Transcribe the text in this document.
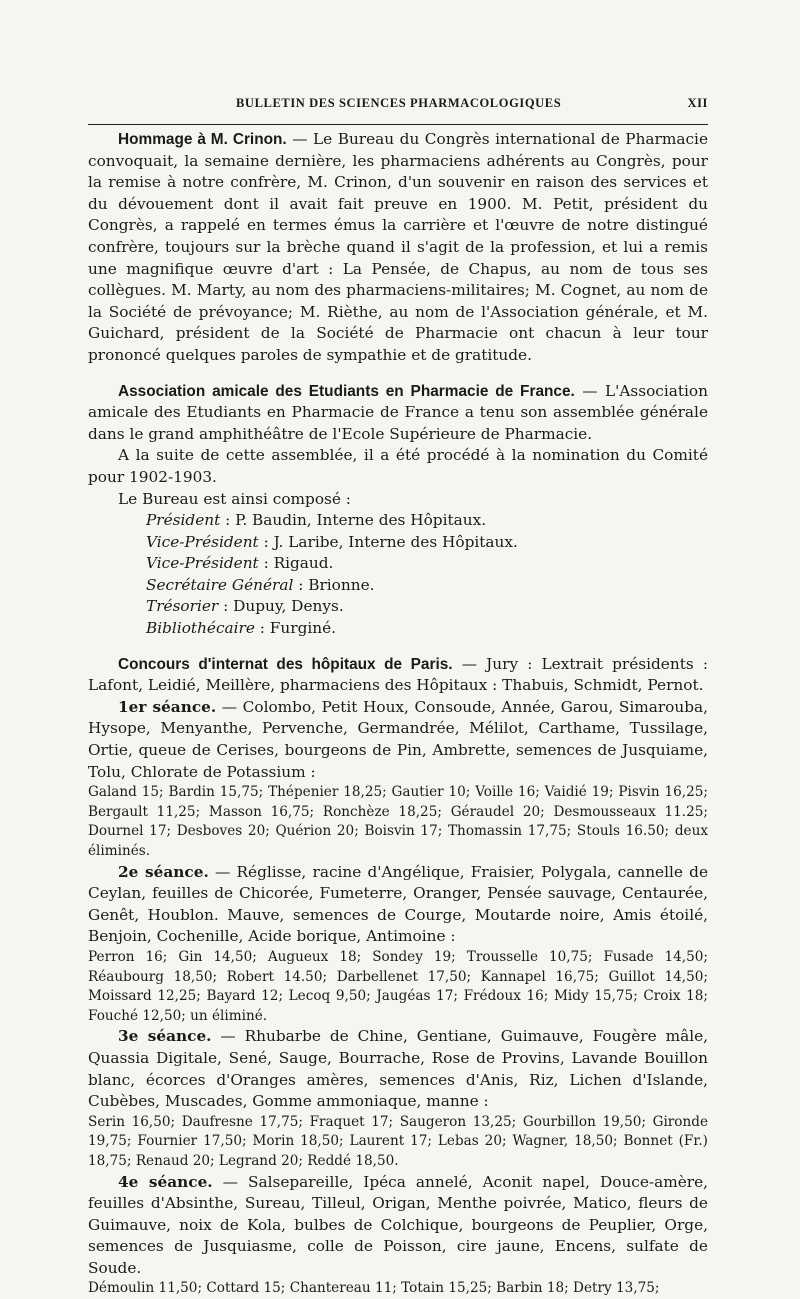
BULLETIN DES SCIENCES PHARMACOLOGIQUES	XII

Hommage à M. Crinon. — Le Bureau du Congrès international de Pharmacie convoquait, la semaine dernière, les pharmaciens adhérents au Congrès, pour la remise à notre confrère, M. Crinon, d'un souvenir en raison des services et du dévouement dont il avait fait preuve en 1900. M. Petit, président du Congrès, a rappelé en termes émus la carrière et l'œuvre de notre distingué confrère, toujours sur la brèche quand il s'agit de la profession, et lui a remis une magnifique œuvre d'art : La Pensée, de Chapus, au nom de tous ses collègues. M. Marty, au nom des pharmaciens-militaires; M. Cognet, au nom de la Société de prévoyance; M. Rièthe, au nom de l'Association générale, et M. Guichard, président de la Société de Pharmacie ont chacun à leur tour prononcé quelques paroles de sympathie et de gratitude.

Association amicale des Etudiants en Pharmacie de France. — L'Association amicale des Etudiants en Pharmacie de France a tenu son assemblée générale dans le grand amphithéâtre de l'Ecole Supérieure de Pharmacie.

A la suite de cette assemblée, il a été procédé à la nomination du Comité pour 1902-1903.

Le Bureau est ainsi composé :

Président : P. Baudin, Interne des Hôpitaux.
Vice-Président : J. Laribe, Interne des Hôpitaux.
Vice-Président : Rigaud.
Secrétaire Général : Brionne.
Trésorier : Dupuy, Denys.
Bibliothécaire : Furginé.

Concours d'internat des hôpitaux de Paris. — Jury : Lextrait présidents : Lafont, Leidié, Meillère, pharmaciens des Hôpitaux : Thabuis, Schmidt, Pernot.

1er séance. — Colombo, Petit Houx, Consoude, Année, Garou, Simarouba, Hysope, Menyanthe, Pervenche, Germandrée, Mélilot, Carthame, Tussilage, Ortie, queue de Cerises, bourgeons de Pin, Ambrette, semences de Jusquiame, Tolu, Chlorate de Potassium :

Galand 15; Bardin 15,75; Thépenier 18,25; Gautier 10; Voille 16; Vaidié 19; Pisvin 16,25; Bergault 11,25; Masson 16,75; Ronchèze 18,25; Géraudel 20; Desmousseaux 11.25; Dournel 17; Desboves 20; Quérion 20; Boisvin 17; Thomassin 17,75; Stouls 16.50; deux éliminés.

2e séance. — Réglisse, racine d'Angélique, Fraisier, Polygala, cannelle de Ceylan, feuilles de Chicorée, Fumeterre, Oranger, Pensée sauvage, Centaurée, Genêt, Houblon. Mauve, semences de Courge, Moutarde noire, Amis étoilé, Benjoin, Cochenille, Acide borique, Antimoine :

Perron 16; Gin 14,50; Augueux 18; Sondey 19; Trousselle 10,75; Fusade 14,50; Réaubourg 18,50; Robert 14.50; Darbellenet 17,50; Kannapel 16,75; Guillot 14,50; Moissard 12,25; Bayard 12; Lecoq 9,50; Jaugéas 17; Frédoux 16; Midy 15,75; Croix 18; Fouché 12,50; un éliminé.

3e séance. — Rhubarbe de Chine, Gentiane, Guimauve, Fougère mâle, Quassia Digitale, Sené, Sauge, Bourrache, Rose de Provins, Lavande Bouillon blanc, écorces d'Oranges amères, semences d'Anis, Riz, Lichen d'Islande, Cubèbes, Muscades, Gomme ammoniaque, manne :

Serin 16,50; Daufresne 17,75; Fraquet 17; Saugeron 13,25; Gourbillon 19,50; Gironde 19,75; Fournier 17,50; Morin 18,50; Laurent 17; Lebas 20; Wagner, 18,50; Bonnet (Fr.) 18,75; Renaud 20; Legrand 20; Reddé 18,50.

4e séance. — Salsepareille, Ipéca annelé, Aconit napel, Douce-amère, feuilles d'Absinthe, Sureau, Tilleul, Origan, Menthe poivrée, Matico, fleurs de Guimauve, noix de Kola, bulbes de Colchique, bourgeons de Peuplier, Orge, semences de Jusquiasme, colle de Poisson, cire jaune, Encens, sulfate de Soude.

Démoulin 11,50; Cottard 15; Chantereau 11; Totain 15,25; Barbin 18; Detry 13,75;
